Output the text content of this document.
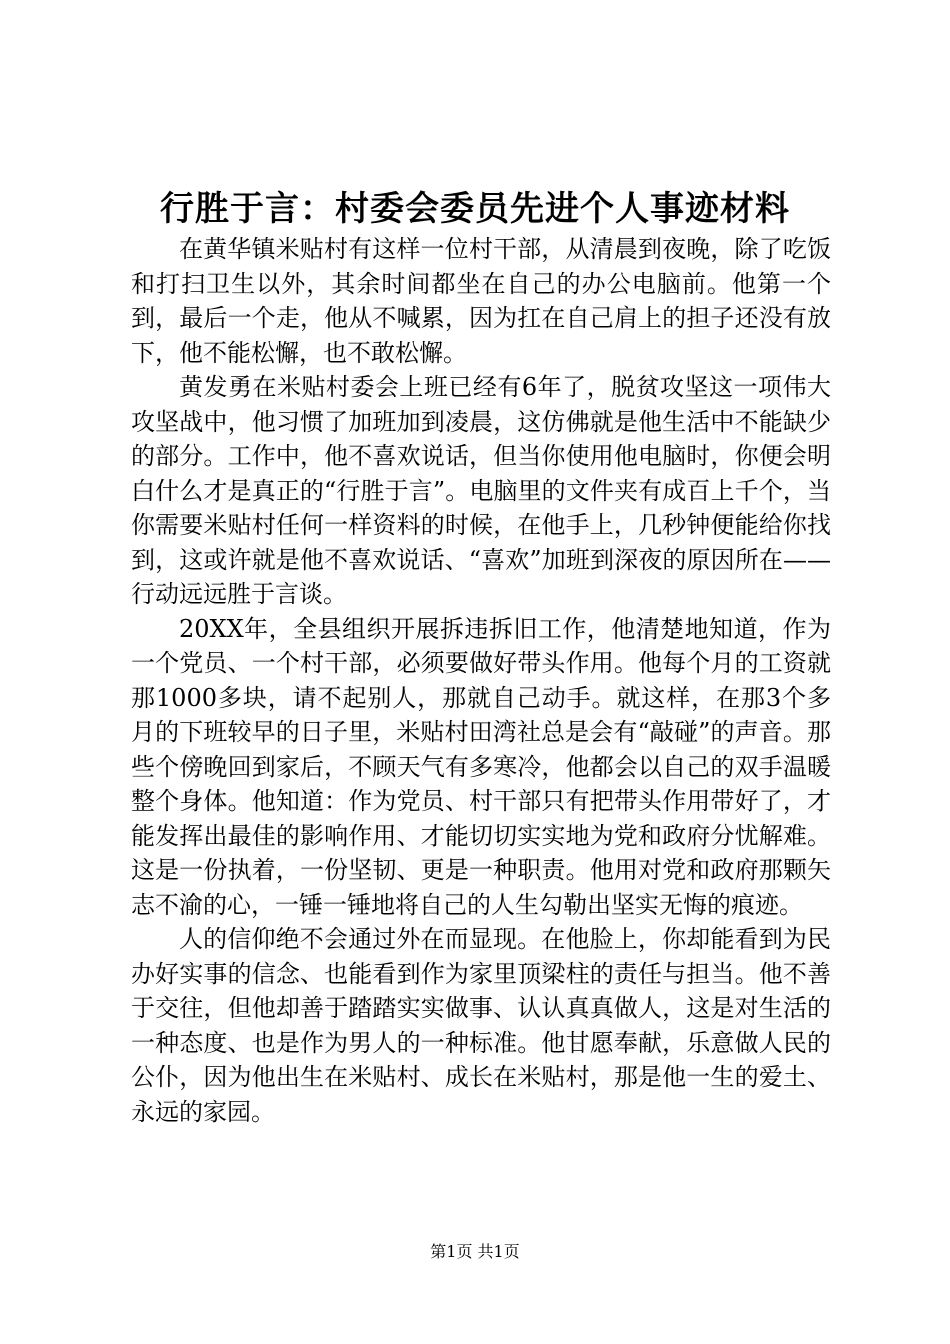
行胜于言：村委会委员先进个人事迹材料

在黄华镇米贴村有这样一位村干部，从清晨到夜晚，除了吃饭和打扫卫生以外，其余时间都坐在自己的办公电脑前。他第一个到，最后一个走，他从不喊累，因为扛在自己肩上的担子还没有放下，他不能松懈，也不敢松懈。

黄发勇在米贴村委会上班已经有6年了，脱贫攻坚这一项伟大攻坚战中，他习惯了加班加到凌晨，这仿佛就是他生活中不能缺少的部分。工作中，他不喜欢说话，但当你使用他电脑时，你便会明白什么才是真正的“行胜于言”。电脑里的文件夹有成百上千个，当你需要米贴村任何一样资料的时候，在他手上，几秒钟便能给你找到，这或许就是他不喜欢说话、“喜欢”加班到深夜的原因所在——行动远远胜于言谈。

20XX年，全县组织开展拆违拆旧工作，他清楚地知道，作为一个党员、一个村干部，必须要做好带头作用。他每个月的工资就那1000多块，请不起别人，那就自己动手。就这样，在那3个多月的下班较早的日子里，米贴村田湾社总是会有“敲碰”的声音。那些个傍晚回到家后，不顾天气有多寒冷，他都会以自己的双手温暖整个身体。他知道：作为党员、村干部只有把带头作用带好了，才能发挥出最佳的影响作用、才能切切实实地为党和政府分忧解难。这是一份执着，一份坚韧、更是一种职责。他用对党和政府那颗矢志不渝的心，一锤一锤地将自己的人生勾勒出坚实无悔的痕迹。

人的信仰绝不会通过外在而显现。在他脸上，你却能看到为民办好实事的信念、也能看到作为家里顶梁柱的责任与担当。他不善于交往，但他却善于踏踏实实做事、认认真真做人，这是对生活的一种态度、也是作为男人的一种标准。他甘愿奉献，乐意做人民的公仆，因为他出生在米贴村、成长在米贴村，那是他一生的爱土、永远的家园。

第1页 共1页
